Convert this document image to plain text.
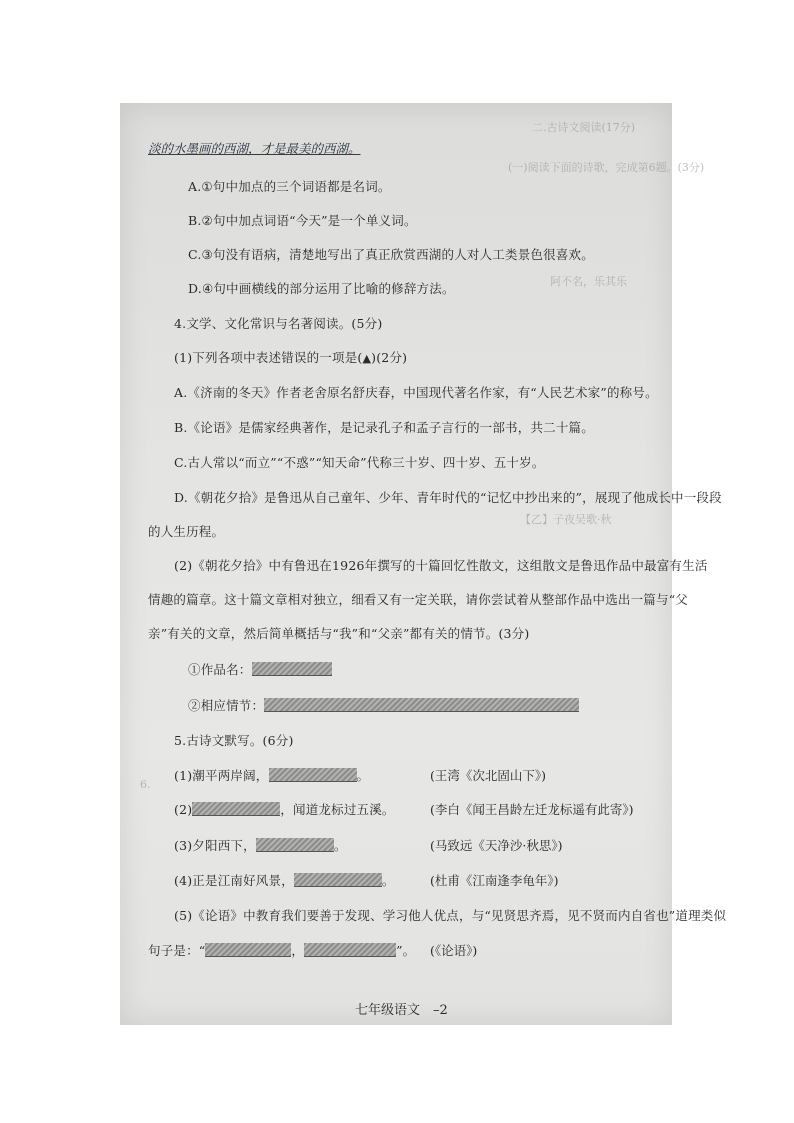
二.古诗文阅读(17分)
(一)阅读下面的诗歌，完成第6题。(3分)
阿不名，乐其乐
【乙】子夜吴歌·秋
6.
淡的水墨画的西湖，才是最美的西湖。
A.①句中加点的三个词语都是名词。
B.②句中加点词语“今天”是一个单义词。
C.③句没有语病，清楚地写出了真正欣赏西湖的人对人工类景色很喜欢。
D.④句中画横线的部分运用了比喻的修辞方法。
4.文学、文化常识与名著阅读。(5分)
(1)下列各项中表述错误的一项是(▲)(2分)
A.《济南的冬天》作者老舍原名舒庆春，中国现代著名作家，有“人民艺术家”的称号。
B.《论语》是儒家经典著作，是记录孔子和孟子言行的一部书，共二十篇。
C.古人常以“而立”“不惑”“知天命”代称三十岁、四十岁、五十岁。
D.《朝花夕拾》是鲁迅从自己童年、少年、青年时代的“记忆中抄出来的”，展现了他成长中一段段
的人生历程。
(2)《朝花夕拾》中有鲁迅在1926年撰写的十篇回忆性散文，这组散文是鲁迅作品中最富有生活
情趣的篇章。这十篇文章相对独立，细看又有一定关联，请你尝试着从整部作品中选出一篇与“父
亲”有关的文章，然后简单概括与“我”和“父亲”都有关的情节。(3分)
①作品名：
②相应情节：
5.古诗文默写。(6分)
(1)潮平两岸阔，	。	(王湾《次北固山下》)
(2)	，闻道龙标过五溪。	(李白《闻王昌龄左迁龙标遥有此寄》)
(3)夕阳西下，	。	(马致远《天净沙·秋思》)
(4)正是江南好风景，	。	(杜甫《江南逢李龟年》)
(5)《论语》中教育我们要善于发现、学习他人优点，与“见贤思齐焉，见不贤而内自省也”道理类似
句子是：“	，	”。 (《论语》)
七年级语文　–2
